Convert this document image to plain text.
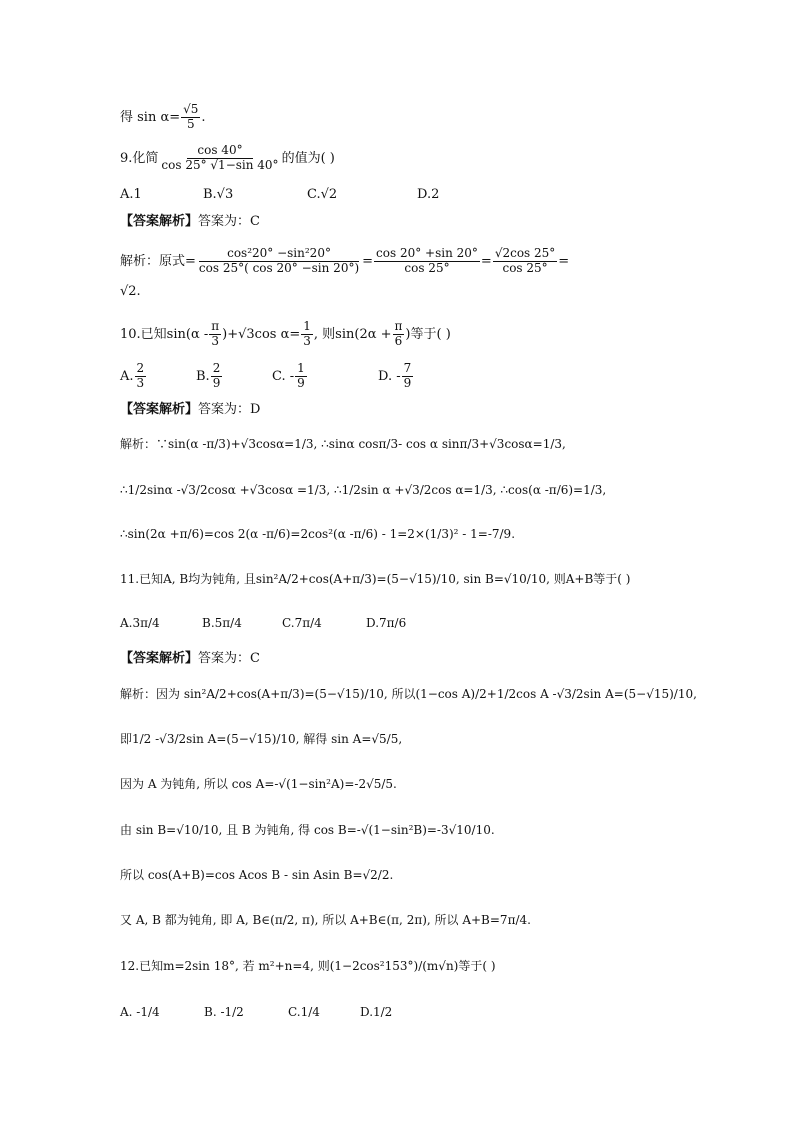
得 $\sin \alpha= \frac{√5}{5}$ .
9.化简 $\frac{\cos 40^\circ}{\cos 25^\circ √1-\sin 40^\circ}$ 的值为( )
A.1	B.√3	C.√2	D.2
【答案解析】答案为：C
解析：原式= $\frac{\text{cos²20° −sin²20°}}{\cos 25^\circ( \cos 20^\circ -\sin 20^\circ)} = \frac{\cos 20^\circ +\sin 20^\circ}{\cos 25^\circ} = \frac{√2\cos 25^\circ}{\cos 25^\circ}$ =
√2.
10.已知$\sin(\alpha - \frac{\pi}{3} )+√3\cos$ $\alpha= \frac{1}{3}$ , 则$\sin(2\alpha + \frac{\pi}{6}$ )等于( )
A. $\frac{2}{3}$	B. $\frac{2}{9}$	C. - $\frac{1}{9}$	D. - $\frac{7}{9}$
【答案解析】答案为：D
解析：∵sin(α -π/3)+√3cosα=1/3, ∴sinα cosπ/3- cos α sinπ/3+√3cosα=1/3,
∴1/2sinα -√3/2cosα +√3cosα =1/3, ∴1/2sin α +√3/2cos α=1/3, ∴cos(α -π/6)=1/3,
∴sin(2α +π/6)=cos 2(α -π/6)=2cos²(α -π/6) - 1=2×(1/3)² - 1=-7/9.
11.已知A, B均为钝角, 且sin²A/2+cos(A+π/3)=(5−√15)/10, sin B=√10/10, 则A+B等于( )
A.3π/4	B.5π/4	C.7π/4	D.7π/6
【答案解析】答案为：C
解析：因为 sin²A/2+cos(A+π/3)=(5−√15)/10, 所以(1−cos A)/2+1/2cos A -√3/2sin A=(5−√15)/10,
即1/2 -√3/2sin A=(5−√15)/10, 解得 sin A=√5/5,
因为 A 为钝角, 所以 cos A=-√(1−sin²A)=-2√5/5.
由 sin B=√10/10, 且 B 为钝角, 得 cos B=-√(1−sin²B)=-3√10/10.
所以 cos(A+B)=cos Acos B - sin Asin B=√2/2.
又 A, B 都为钝角, 即 A, B∈(π/2, π), 所以 A+B∈(π, 2π), 所以 A+B=7π/4.
12.已知m=2sin 18°, 若 m²+n=4, 则(1−2cos²153°)/(m√n)等于( )
A. -1/4	B. -1/2	C.1/4	D.1/2
